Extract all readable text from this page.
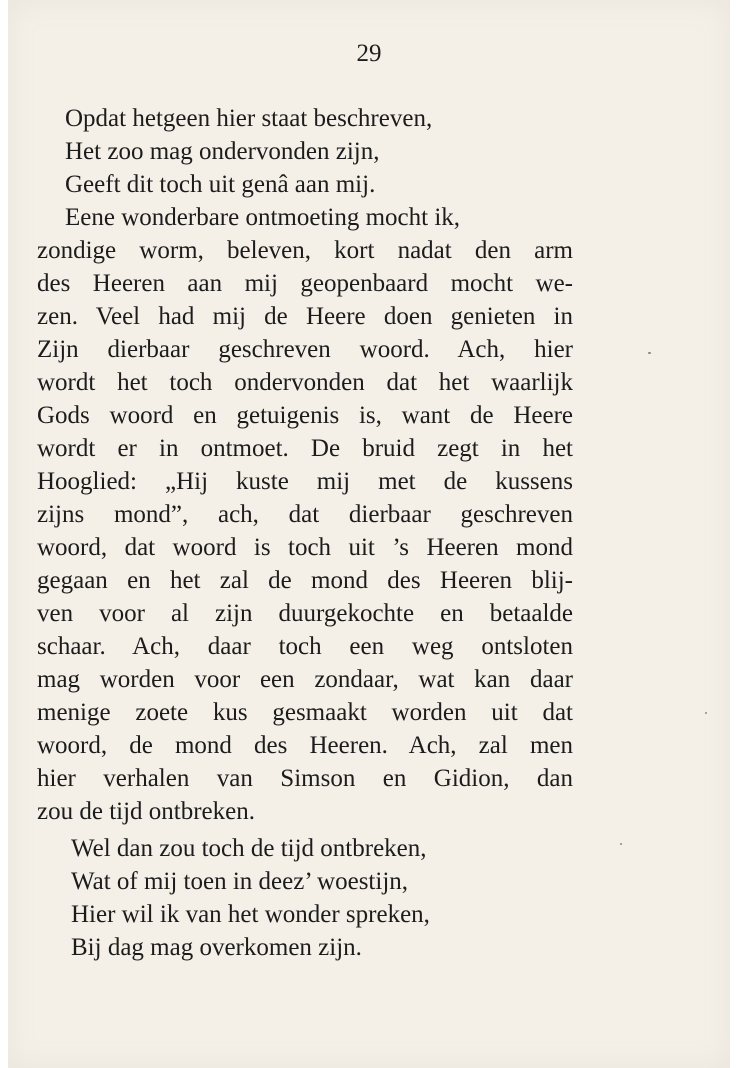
29
Opdat hetgeen hier staat beschreven,
Het zoo mag ondervonden zijn,
Geeft dit toch uit genâ aan mij.
Eene wonderbare ontmoeting mocht ik,
zondige worm, beleven, kort nadat den arm
des Heeren aan mij geopenbaard mocht we-
zen. Veel had mij de Heere doen genieten in
Zijn dierbaar geschreven woord. Ach, hier
wordt het toch ondervonden dat het waarlijk
Gods woord en getuigenis is, want de Heere
wordt er in ontmoet. De bruid zegt in het
Hooglied: „Hij kuste mij met de kussens
zijns mond”, ach, dat dierbaar geschreven
woord, dat woord is toch uit ’s Heeren mond
gegaan en het zal de mond des Heeren blij-
ven voor al zijn duurgekochte en betaalde
schaar. Ach, daar toch een weg ontsloten
mag worden voor een zondaar, wat kan daar
menige zoete kus gesmaakt worden uit dat
woord, de mond des Heeren. Ach, zal men
hier verhalen van Simson en Gidion, dan
zou de tijd ontbreken.
Wel dan zou toch de tijd ontbreken,
Wat of mij toen in deez’ woestijn,
Hier wil ik van het wonder spreken,
Bij dag mag overkomen zijn.
